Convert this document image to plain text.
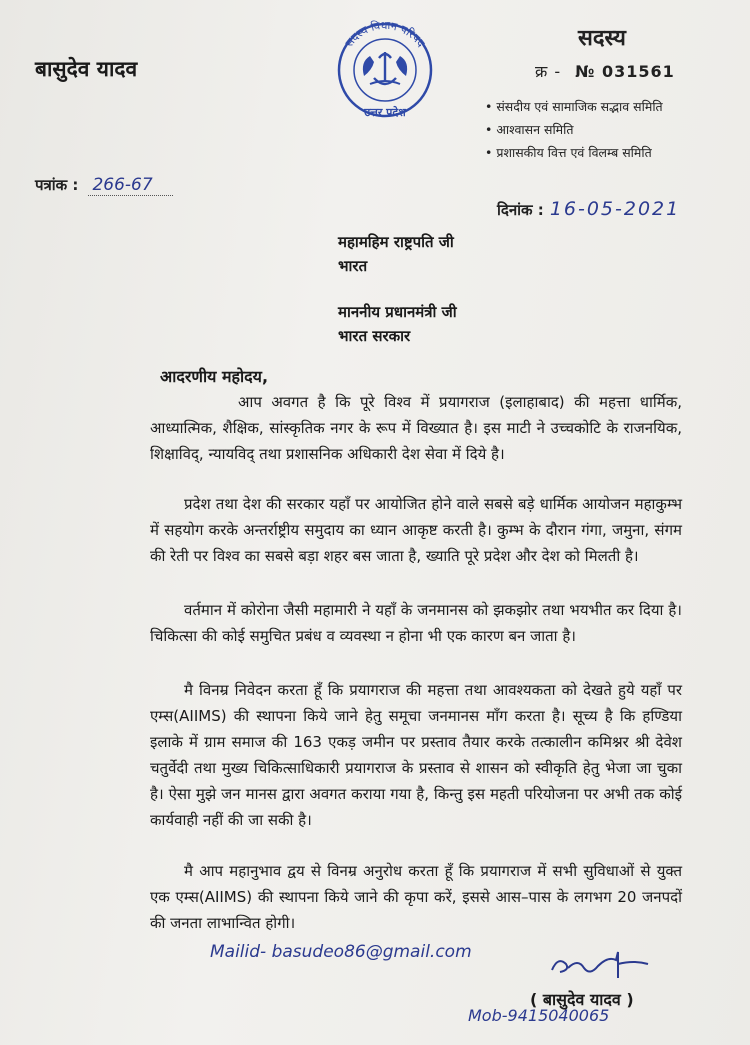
बासुदेव यादव
सदस्य विधान परिषद
उत्तर प्रदेश
सदस्य
क्र - № 031561
• संसदीय एवं सामाजिक सद्भाव समिति
• आश्वासन समिति
• प्रशासकीय वित्त एवं विलम्ब समिति
पत्रांक : 266-67
दिनांक : 16-05-2021
महामहिम राष्ट्रपति जी
भारत
माननीय प्रधानमंत्री जी
भारत सरकार
आदरणीय महोदय,
आप अवगत है कि पूरे विश्व में प्रयागराज (इलाहाबाद) की महत्ता धार्मिक, आध्यात्मिक, शैक्षिक, सांस्कृतिक नगर के रूप में विख्यात है। इस माटी ने उच्चकोटि के राजनयिक, शिक्षाविद्, न्यायविद् तथा प्रशासनिक अधिकारी देश सेवा में दिये है।
प्रदेश तथा देश की सरकार यहाँ पर आयोजित होने वाले सबसे बड़े धार्मिक आयोजन महाकुम्भ में सहयोग करके अन्तर्राष्ट्रीय समुदाय का ध्यान आकृष्ट करती है। कुम्भ के दौरान गंगा, जमुना, संगम की रेती पर विश्व का सबसे बड़ा शहर बस जाता है, ख्याति पूरे प्रदेश और देश को मिलती है।
वर्तमान में कोरोना जैसी महामारी ने यहाँ के जनमानस को झकझोर तथा भयभीत कर दिया है। चिकित्सा की कोई समुचित प्रबंध व व्यवस्था न होना भी एक कारण बन जाता है।
मै विनम्र निवेदन करता हूँ कि प्रयागराज की महत्ता तथा आवश्यकता को देखते हुये यहाँ पर एम्स(AIIMS) की स्थापना किये जाने हेतु समूचा जनमानस माँग करता है। सूच्य है कि हण्डिया इलाके में ग्राम समाज की 163 एकड़ जमीन पर प्रस्ताव तैयार करके तत्कालीन कमिश्नर श्री देवेश चतुर्वेदी तथा मुख्य चिकित्साधिकारी प्रयागराज के प्रस्ताव से शासन को स्वीकृति हेतु भेजा जा चुका है। ऐसा मुझे जन मानस द्वारा अवगत कराया गया है, किन्तु इस महती परियोजना पर अभी तक कोई कार्यवाही नहीं की जा सकी है।
मै आप महानुभाव द्वय से विनम्र अनुरोध करता हूँ कि प्रयागराज में सभी सुविधाओं से युक्त एक एम्स(AIIMS) की स्थापना किये जाने की कृपा करें, इससे आस–पास के लगभग 20 जनपदों की जनता लाभान्वित होगी।
Mailid- basudeo86@gmail.com
Mob-9415040065
( बासुदेव यादव )
